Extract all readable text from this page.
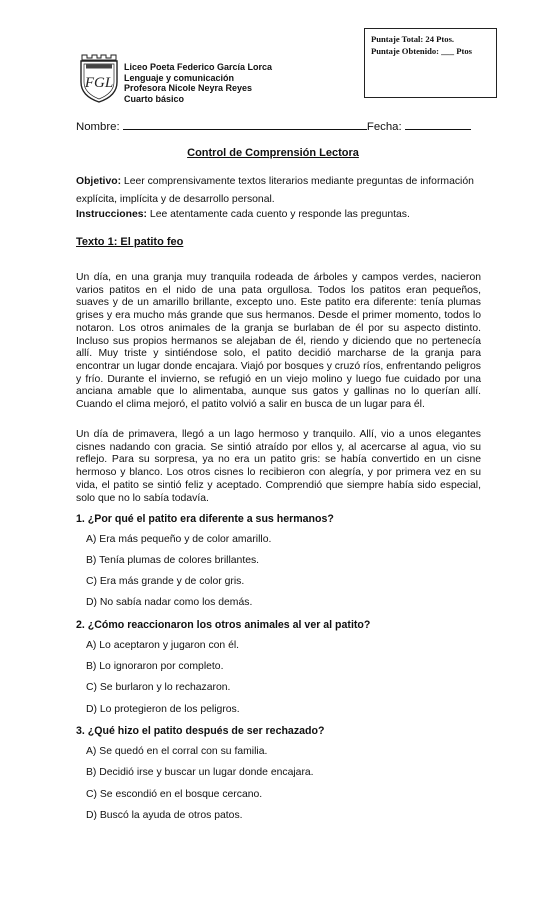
Puntaje Total: 24 Ptos.
Puntaje Obtenido: ___ Ptos
FGL
Liceo Poeta Federico García Lorca
Lenguaje y comunicación
Profesora Nicole Neyra Reyes
Cuarto básico
Nombre:	Fecha:
Control de Comprensión Lectora
Objetivo: Leer comprensivamente textos literarios mediante preguntas de información explícita, implícita y de desarrollo personal.
Instrucciones: Lee atentamente cada cuento y responde las preguntas.
Texto 1: El patito feo
Un día, en una granja muy tranquila rodeada de árboles y campos verdes, nacieron varios patitos en el nido de una pata orgullosa. Todos los patitos eran pequeños, suaves y de un amarillo brillante, excepto uno. Este patito era diferente: tenía plumas grises y era mucho más grande que sus hermanos. Desde el primer momento, todos lo notaron. Los otros animales de la granja se burlaban de él por su aspecto distinto. Incluso sus propios hermanos se alejaban de él, riendo y diciendo que no pertenecía allí. Muy triste y sintiéndose solo, el patito decidió marcharse de la granja para encontrar un lugar donde encajara. Viajó por bosques y cruzó ríos, enfrentando peligros y frío. Durante el invierno, se refugió en un viejo molino y luego fue cuidado por una anciana amable que lo alimentaba, aunque sus gatos y gallinas no lo querían allí. Cuando el clima mejoró, el patito volvió a salir en busca de un lugar para él.
Un día de primavera, llegó a un lago hermoso y tranquilo. Allí, vio a unos elegantes cisnes nadando con gracia. Se sintió atraído por ellos y, al acercarse al agua, vio su reflejo. Para su sorpresa, ya no era un patito gris: se había convertido en un cisne hermoso y blanco. Los otros cisnes lo recibieron con alegría, y por primera vez en su vida, el patito se sintió feliz y aceptado. Comprendió que siempre había sido especial, solo que no lo sabía todavía.
1. ¿Por qué el patito era diferente a sus hermanos?
A) Era más pequeño y de color amarillo.
B) Tenía plumas de colores brillantes.
C) Era más grande y de color gris.
D) No sabía nadar como los demás.
2. ¿Cómo reaccionaron los otros animales al ver al patito?
A) Lo aceptaron y jugaron con él.
B) Lo ignoraron por completo.
C) Se burlaron y lo rechazaron.
D) Lo protegieron de los peligros.
3. ¿Qué hizo el patito después de ser rechazado?
A) Se quedó en el corral con su familia.
B) Decidió irse y buscar un lugar donde encajara.
C) Se escondió en el bosque cercano.
D) Buscó la ayuda de otros patos.
